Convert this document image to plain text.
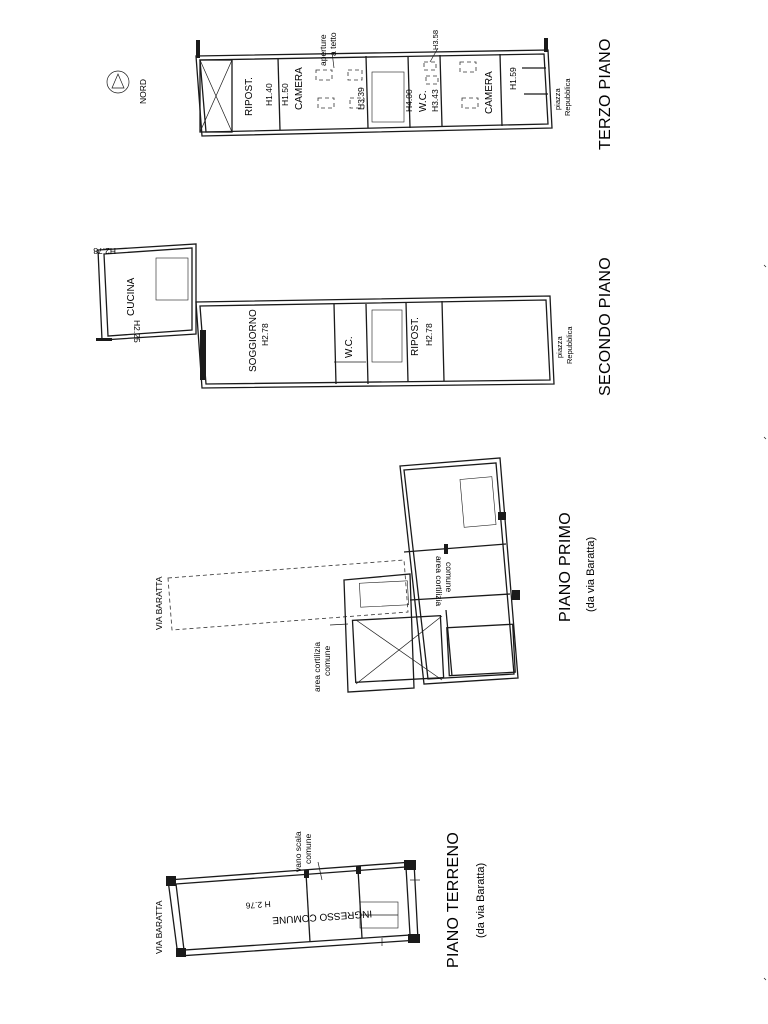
VIA BARATTA	INGRESSO COMUNE
H 2.76
vano scala comune	PIANO TERRENO (da via Baratta)
VIA BARATTA
area cortilizia comune
area cortilizia comune	PIANO PRIMO (da via Baratta)
CUCINA
H2.78
H2.25	SOGGIORNO H2.78
W.C.	RIPOST. H2.78
piazza Repubblica SECONDO PIANO
NORD
aperture a tetto	H3.58
RIPOST. H1.40 H1.50 CAMERA	H3.39	H4.00 W.C. H3.43	CAMERA H1.59
piazza Repubblica TERZO PIANO
